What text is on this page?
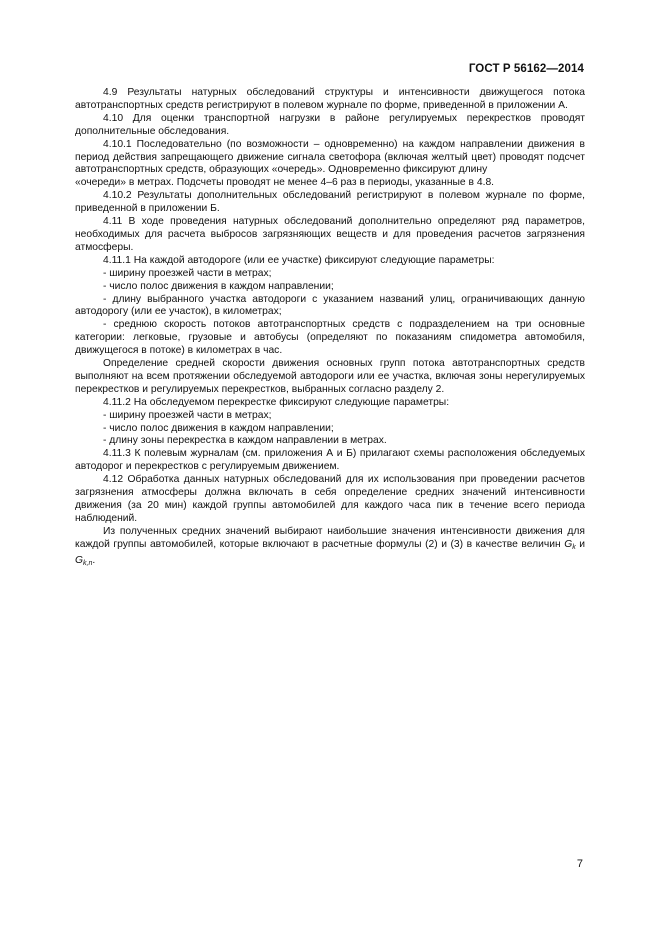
ГОСТ Р 56162—2014

4.9 Результаты натурных обследований структуры и интенсивности движущегося потока автотранспортных средств регистрируют в полевом журнале по форме, приведенной в приложении А.

4.10 Для оценки транспортной нагрузки в районе регулируемых перекрестков проводят дополнительные обследования.

4.10.1 Последовательно (по возможности – одновременно) на каждом направлении движения в период действия запрещающего движение сигнала светофора (включая желтый цвет) проводят подсчет автотранспортных средств, образующих «очередь». Одновременно фиксируют длину

«очереди» в метрах. Подсчеты проводят не менее 4–6 раз в периоды, указанные в 4.8.

4.10.2 Результаты дополнительных обследований регистрируют в полевом журнале по форме, приведенной в приложении Б.

4.11 В ходе проведения натурных обследований дополнительно определяют ряд параметров, необходимых для расчета выбросов загрязняющих веществ и для проведения расчетов загрязнения атмосферы.

4.11.1 На каждой автодороге (или ее участке) фиксируют следующие параметры:

- ширину проезжей части в метрах;

- число полос движения в каждом направлении;

- длину выбранного участка автодороги с указанием названий улиц, ограничивающих данную автодорогу (или ее участок), в километрах;

- среднюю скорость потоков автотранспортных средств с подразделением на три основные категории: легковые, грузовые и автобусы (определяют по показаниям спидометра автомобиля, движущегося в потоке) в километрах в час.

Определение средней скорости движения основных групп потока автотранспортных средств выполняют на всем протяжении обследуемой автодороги или ее участка, включая зоны нерегулируемых перекрестков и регулируемых перекрестков, выбранных согласно разделу 2.

4.11.2 На обследуемом перекрестке фиксируют следующие параметры:

- ширину проезжей части в метрах;

- число полос движения в каждом направлении;

- длину зоны перекрестка в каждом направлении в метрах.

4.11.3 К полевым журналам (см. приложения А и Б) прилагают схемы расположения обследуемых автодорог и перекрестков с регулируемым движением.

4.12 Обработка данных натурных обследований для их использования при проведении расчетов загрязнения атмосферы должна включать в себя определение средних значений интенсивности движения (за 20 мин) каждой группы автомобилей для каждого часа пик в течение всего периода наблюдений.

Из полученных средних значений выбирают наибольшие значения интенсивности движения для каждой группы автомобилей, которые включают в расчетные формулы (2) и (3) в качестве величин $G_k$ и $G_{k,n}$.

7
